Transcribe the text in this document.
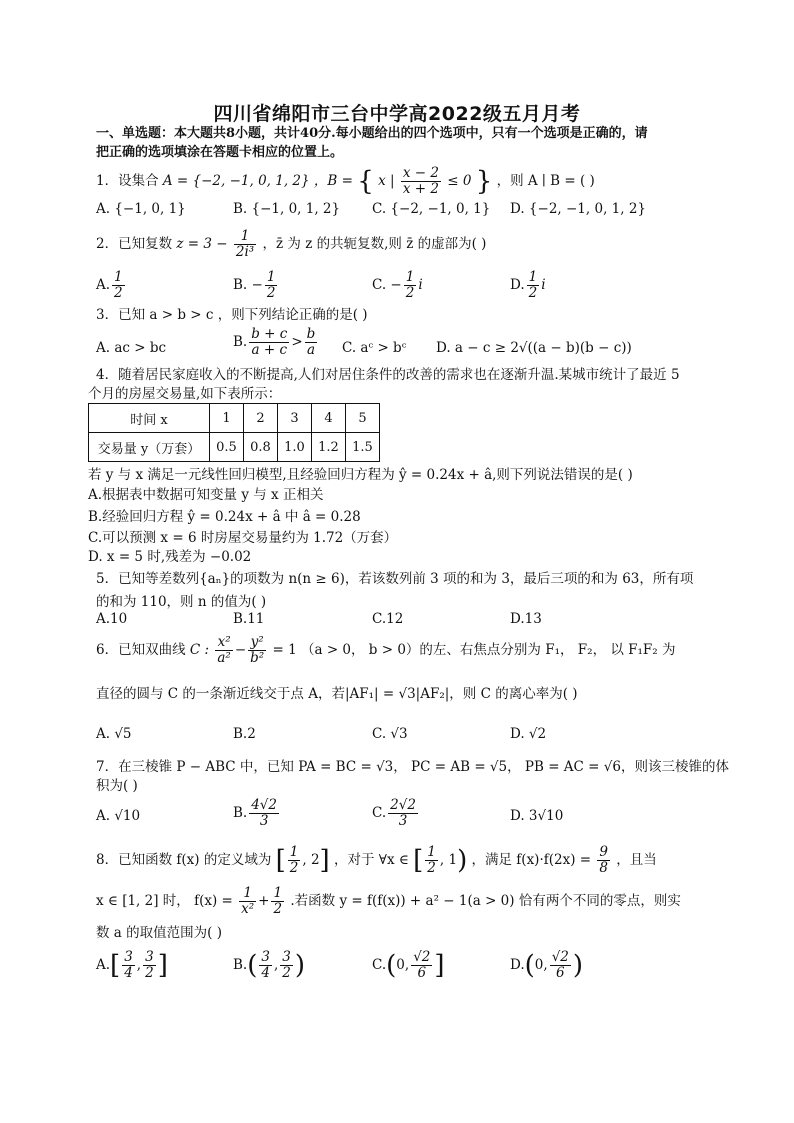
四川省绵阳市三台中学高2022级五月月考
一、单选题：本大题共8小题，共计40分.每小题给出的四个选项中，只有一个选项是正确的，请
把正确的选项填涂在答题卡相应的位置上。
1．设集合 A = {−2, −1, 0, 1, 2} ，B = { x | $\frac{x - 2}{x + 2} \le 0$ } ，则 A ∣ B = ( )
A. {−1, 0, 1}	B. {−1, 0, 1, 2} C. {−2, −1, 0, 1} D. {−2, −1, 0, 1, 2}
2．已知复数 $z = 3 - \frac{1}{\text{2i³}}$ ，z̄ 为 z 的共轭复数,则 z̄ 的虚部为( )
A. $\frac{1}{2}$	B. − $\frac{1}{2}$	C. − $\frac{1}{2}$ i	D. $\frac{1}{2}$ i
3．已知 a > b > c ，则下列结论正确的是( )
A. ac > bc	B. $\frac{b + c}{a + c} > \frac{b}{a} C$. aᶜ > bᶜ D. a − c ≥ 2√((a − b)(b − c))
4．随着居民家庭收入的不断提高,人们对居住条件的改善的需求也在逐渐升温.某城市统计了最近 5
个月的房屋交易量,如下表所示：
时间 x	1	2	3	4	5
交易量 y（万套）	0.5	0.8	1.0	1.2	1.5
若 y 与 x 满足一元线性回归模型,且经验回归方程为 ŷ = 0.24x + â,则下列说法错误的是( )
A.根据表中数据可知变量 y 与 x 正相关
B.经验回归方程 ŷ = 0.24x + â 中 â = 0.28
C.可以预测 x = 6 时房屋交易量约为 1.72（万套）
D. x = 5 时,残差为 −0.02
5．已知等差数列{aₙ}的项数为 n(n ≥ 6)，若该数列前 3 项的和为 3，最后三项的和为 63，所有项
的和为 110，则 n 的值为( )
A.10	B.11	C.12	D.13
6．已知双曲线 C : $\frac{\text{x²}}{\text{a²}} - \frac{\text{y²}}{\text{b²}} = 1$ （a > 0， b > 0）的左、右焦点分别为 F₁， F₂， 以 F₁F₂ 为
直径的圆与 C 的一条渐近线交于点 A，若|AF₁| = √3|AF₂|，则 C 的离心率为( )
A. √5	B.2	C. √3	D. √2
7．在三棱锥 P − ABC 中，已知 PA = BC = √3， PC = AB = √5， PB = AC = √6，则该三棱锥的体
积为( )
A. √10	B. $\frac{4√2}{3}$	C. $\frac{2√2}{3}$	D. 3√10
8．已知函数 f(x) 的定义域为 [ $\frac{1}{2}$ , 2] ，对于 ∀x ∈ [ $\frac{1}{2}$ , 1) ，满足 $f(x)\cdot f(2x) = \frac{9}{8}$ ，且当
x ∈ [1, 2] 时， $f(x) = \frac{1}{\text{x²}} + \frac{1}{2}$ .若函数 y = f(f(x)) + a² − 1(a > 0) 恰有两个不同的零点，则实
数 a 的取值范围为( )
$A.[ \frac{3}{4}$ , $\frac{3}{2}$ ]	$B.( \frac{3}{4}$ , $\frac{3}{2}$ )	C.(0, $\frac{√2}{6}$ ]	D.(0, $\frac{√2}{6}$ )
